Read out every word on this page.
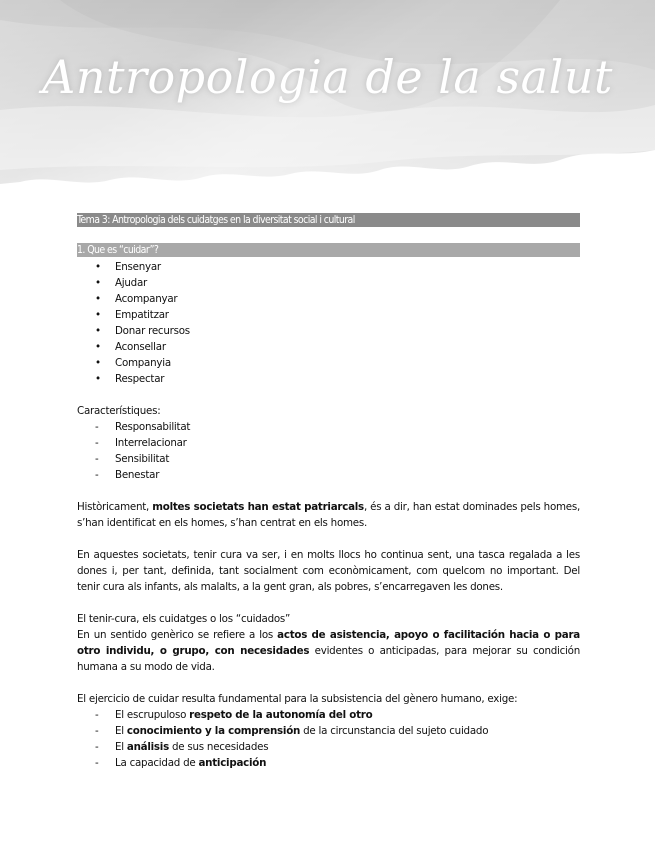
Antropologia de la salut
Tema 3: Antropologia dels cuidatges en la diversitat social i cultural
1. Que es “cuidar”?
• Ensenyar
• Ajudar
• Acompanyar
• Empatitzar
• Donar recursos
• Aconsellar
• Companyia
• Respectar

Característiques:

- Responsabilitat
- Interrelacionar
- Sensibilitat
- Benestar

Històricament, moltes societats han estat patriarcals, és a dir, han estat dominades pels homes, s’han identificat en els homes, s’han centrat en els homes.

En aquestes societats, tenir cura va ser, i en molts llocs ho continua sent, una tasca regalada a les dones i, per tant, definida, tant socialment com econòmicament, com quelcom no important. Del tenir cura als infants, als malalts, a la gent gran, als pobres, s’encarregaven les dones.

El tenir-cura, els cuidatges o los “cuidados”

En un sentido genèrico se refiere a los actos de asistencia, apoyo o facilitación hacia o para otro individu, o grupo, con necesidades evidentes o anticipadas, para mejorar su condición humana a su modo de vida.

El ejercicio de cuidar resulta fundamental para la subsistencia del gènero humano, exige:

- El escrupuloso respeto de la autonomía del otro
- El conocimiento y la comprensión de la circunstancia del sujeto cuidado
- El análisis de sus necesidades
- La capacidad de anticipación
